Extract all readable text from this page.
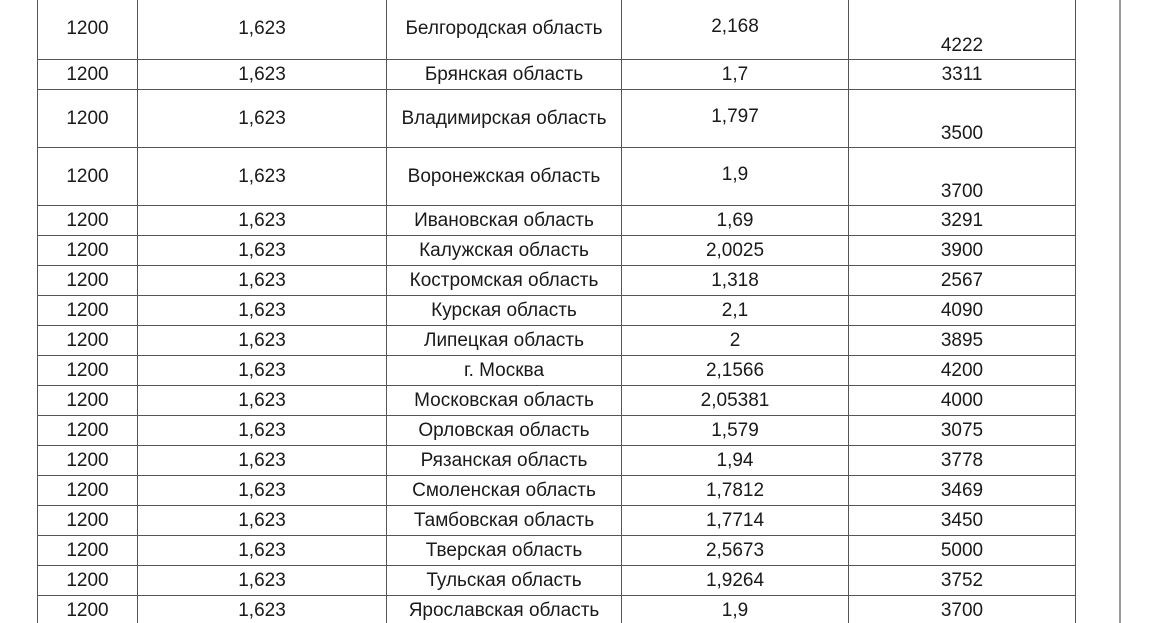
1200	1,623	Белгородская область	2,168	4222	
1200	1,623	Брянская область	1,7	3311	
1200	1,623	Владимирская область	1,797	3500	
1200	1,623	Воронежская область	1,9	3700	
1200	1,623	Ивановская область	1,69	3291	
1200	1,623	Калужская область	2,0025	3900	
1200	1,623	Костромская область	1,318	2567	
1200	1,623	Курская область	2,1	4090	
1200	1,623	Липецкая область	2	3895	
1200	1,623	г. Москва	2,1566	4200	
1200	1,623	Московская область	2,05381	4000	
1200	1,623	Орловская область	1,579	3075	
1200	1,623	Рязанская область	1,94	3778	
1200	1,623	Смоленская область	1,7812	3469	
1200	1,623	Тамбовская область	1,7714	3450	
1200	1,623	Тверская область	2,5673	5000	
1200	1,623	Тульская область	1,9264	3752	
1200	1,623	Ярославская область	1,9	3700	
